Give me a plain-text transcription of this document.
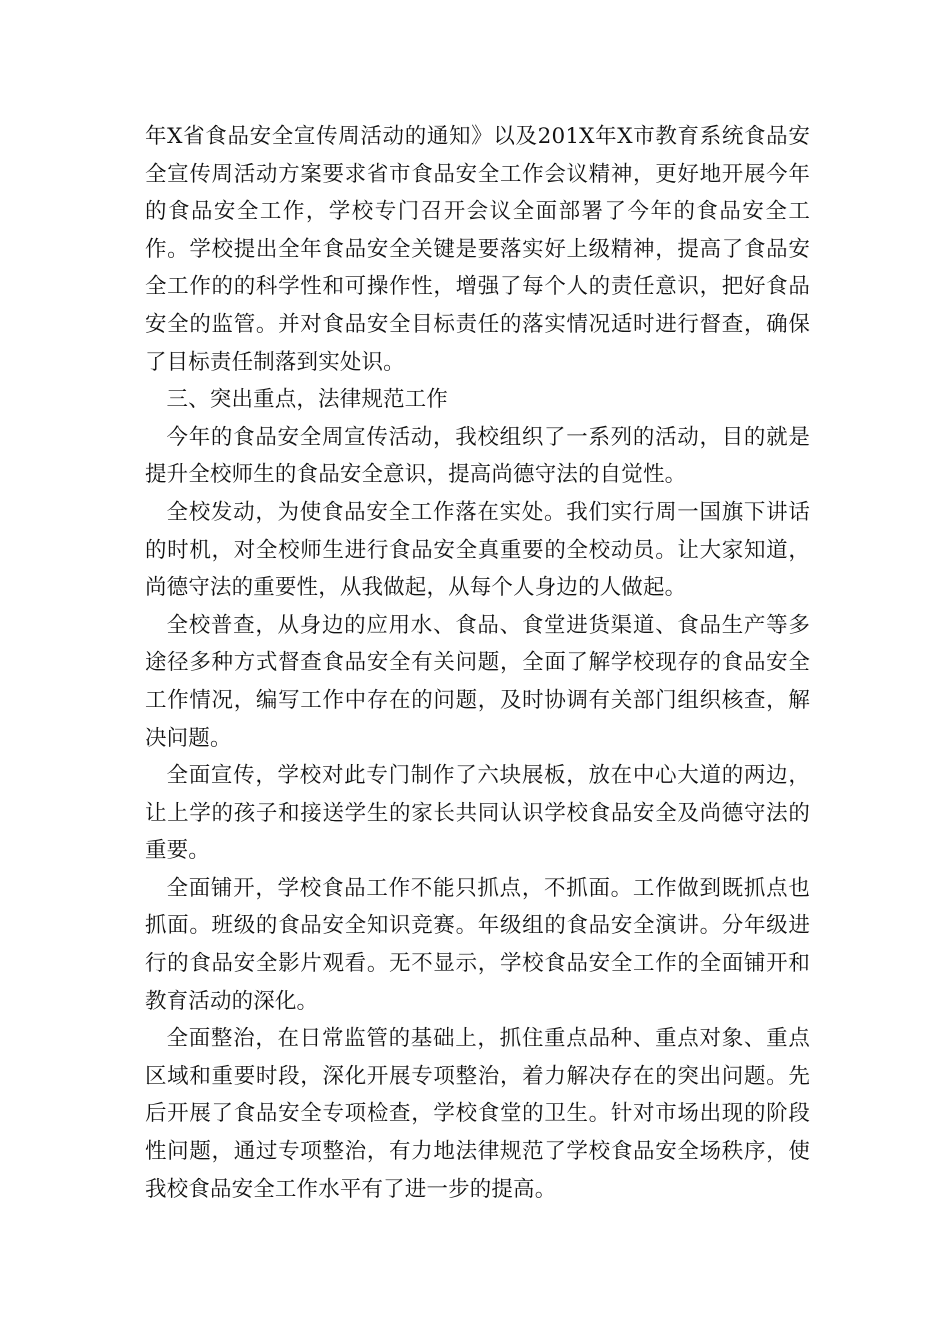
年X省食品安全宣传周活动的通知》以及201X年X市教育系统食品安全宣传周活动方案要求省市食品安全工作会议精神，更好地开展今年的食品安全工作，学校专门召开会议全面部署了今年的食品安全工作。学校提出全年食品安全关键是要落实好上级精神，提高了食品安全工作的的科学性和可操作性，增强了每个人的责任意识，把好食品安全的监管。并对食品安全目标责任的落实情况适时进行督查，确保了目标责任制落到实处识。

三、突出重点，法律规范工作

今年的食品安全周宣传活动，我校组织了一系列的活动，目的就是提升全校师生的食品安全意识，提高尚德守法的自觉性。

全校发动，为使食品安全工作落在实处。我们实行周一国旗下讲话的时机，对全校师生进行食品安全真重要的全校动员。让大家知道，尚德守法的重要性，从我做起，从每个人身边的人做起。

全校普查，从身边的应用水、食品、食堂进货渠道、食品生产等多途径多种方式督查食品安全有关问题，全面了解学校现存的食品安全工作情况，编写工作中存在的问题，及时协调有关部门组织核查，解决问题。

全面宣传，学校对此专门制作了六块展板，放在中心大道的两边，让上学的孩子和接送学生的家长共同认识学校食品安全及尚德守法的重要。

全面铺开，学校食品工作不能只抓点，不抓面。工作做到既抓点也抓面。班级的食品安全知识竞赛。年级组的食品安全演讲。分年级进行的食品安全影片观看。无不显示，学校食品安全工作的全面铺开和教育活动的深化。

全面整治，在日常监管的基础上，抓住重点品种、重点对象、重点区域和重要时段，深化开展专项整治，着力解决存在的突出问题。先后开展了食品安全专项检查，学校食堂的卫生。针对市场出现的阶段性问题，通过专项整治，有力地法律规范了学校食品安全场秩序，使我校食品安全工作水平有了进一步的提高。
